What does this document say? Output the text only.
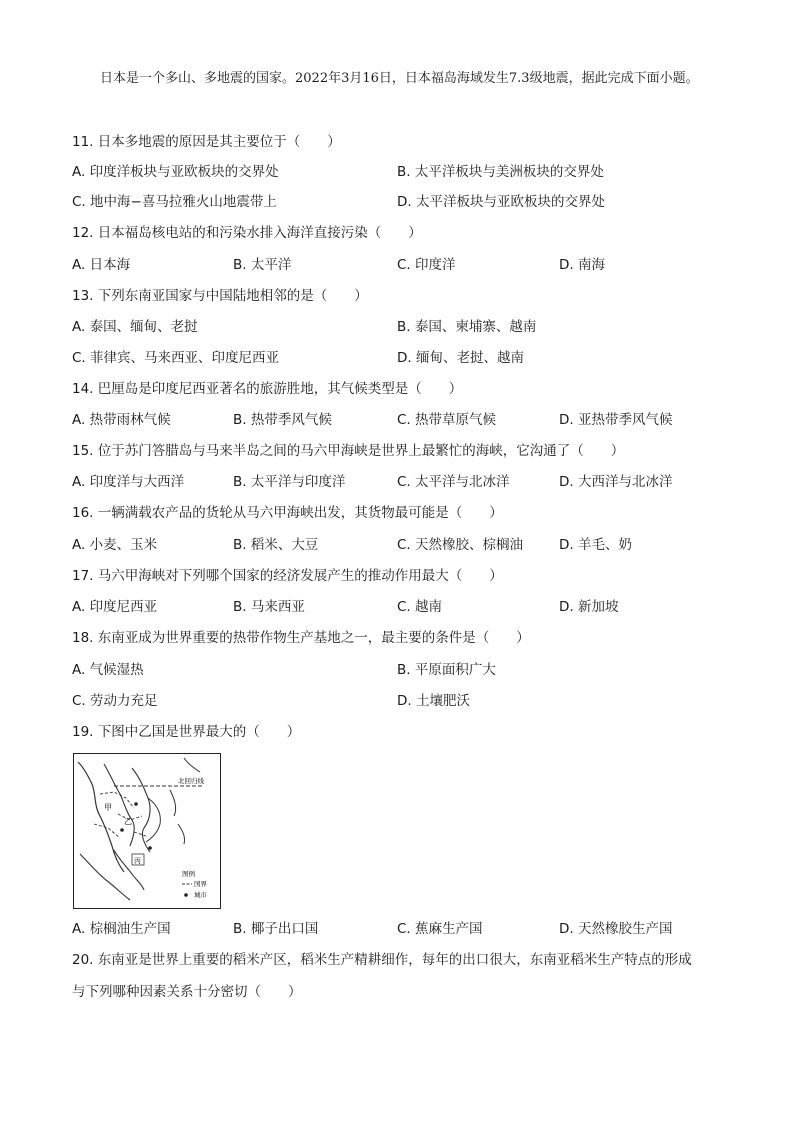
日本是一个多山、多地震的国家。2022年3月16日，日本福岛海域发生7.3级地震，据此完成下面小题。
11. 日本多地震的原因是其主要位于（　　）
A. 印度洋板块与亚欧板块的交界处	B. 太平洋板块与美洲板块的交界处
C. 地中海−喜马拉雅火山地震带上	D. 太平洋板块与亚欧板块的交界处
12. 日本福岛核电站的和污染水排入海洋直接污染（　　）
A. 日本海	B. 太平洋	C. 印度洋	D. 南海
13. 下列东南亚国家与中国陆地相邻的是（　　）
A. 泰国、缅甸、老挝	B. 泰国、柬埔寨、越南
C. 菲律宾、马来西亚、印度尼西亚	D. 缅甸、老挝、越南
14. 巴厘岛是印度尼西亚著名的旅游胜地，其气候类型是（　　）
A. 热带雨林气候	B. 热带季风气候	C. 热带草原气候	D. 亚热带季风气候
15. 位于苏门答腊岛与马来半岛之间的马六甲海峡是世界上最繁忙的海峡，它沟通了（　　）
A. 印度洋与大西洋	B. 太平洋与印度洋	C. 太平洋与北冰洋	D. 大西洋与北冰洋
16. 一辆满载农产品的货轮从马六甲海峡出发，其货物最可能是（　　）
A. 小麦、玉米	B. 稻米、大豆	C. 天然橡胶、棕榈油	D. 羊毛、奶
17. 马六甲海峡对下列哪个国家的经济发展产生的推动作用最大（　　）
A. 印度尼西亚	B. 马来西亚	C. 越南	D. 新加坡
18. 东南亚成为世界重要的热带作物生产基地之一，最主要的条件是（　　）
A. 气候湿热	B. 平原面积广大
C. 劳动力充足	D. 土壤肥沃
19. 下图中乙国是世界最大的（　　）
北回归线
甲
乙
丙
图例
国界
城市
A. 棕榈油生产国	B. 椰子出口国	C. 蕉麻生产国	D. 天然橡胶生产国
20. 东南亚是世界上重要的稻米产区，稻米生产精耕细作，每年的出口很大，东南亚稻米生产特点的形成
与下列哪种因素关系十分密切（　　）
